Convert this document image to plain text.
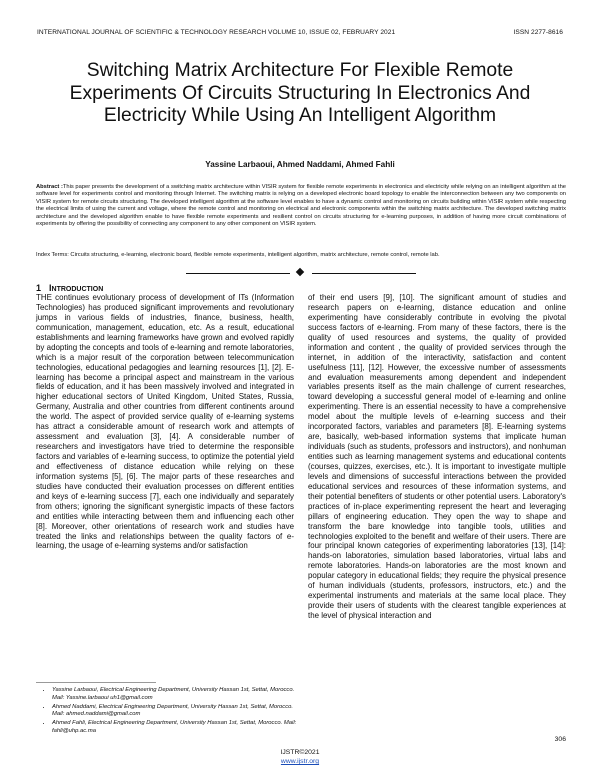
INTERNATIONAL JOURNAL OF SCIENTIFIC & TECHNOLOGY RESEARCH VOLUME 10, ISSUE 02, FEBRUARY 2021	ISSN 2277-8616
Switching Matrix Architecture For Flexible Remote Experiments Of Circuits Structuring In Electronics And Electricity While Using An Intelligent Algorithm
Yassine Larbaoui, Ahmed Naddami, Ahmed Fahli
Abstract :This paper presents the development of a switching matrix architecture within VISIR system for flexible remote experiments in electronics and electricity while relying on an intelligent algorithm at the software level for experiments control and monitoring through Internet. The switching matrix is relying on a developed electronic board topology to enable the interconnection between any two components on VISIR system for remote circuits structuring. The developed intelligent algorithm at the software level enables to have a dynamic control and monitoring on circuits building within VISIR system while respecting the electrical limits of using the current and voltage, where the remote control and monitoring on electrical and electronic components within the switching matrix architecture. The developed switching matrix architecture and the developed algorithm enable to have flexible remote experiments and resilient control on circuits structuring for e-learning purposes, in addition of having more circuit combinations of experiments by offering the possibility of connecting any component to any other component on VISIR system.
Index Terms: Circuits structuring, e-learning, electronic board, flexible remote experiments, intelligent algorithm, matrix architecture, remote control, remote lab.
1 INTRODUCTION
THE continues evolutionary process of development of ITs (Information Technologies) has produced significant improvements and revolutionary jumps in various fields of industries, finance, business, health, communication, management, education, etc. As a result, educational establishments and learning frameworks have grown and evolved rapidly by adopting the concepts and tools of e-learning and remote laboratories, which is a major result of the corporation between telecommunication technologies, educational pedagogies and learning resources [1], [2]. E-learning has become a principal aspect and mainstream in the various fields of education, and it has been massively involved and integrated in higher educational sectors of United Kingdom, United States, Russia, Germany, Australia and other countries from different continents around the world. The aspect of provided service quality of e-learning systems has attract a considerable amount of research work and attempts of assessment and evaluation [3], [4]. A considerable number of researchers and investigators have tried to determine the responsible factors and variables of e-learning success, to optimize the potential yield and effectiveness of distance education while relying on these information systems [5], [6]. The major parts of these researches and studies have conducted their evaluation processes on different entities and keys of e-learning success [7], each one individually and separately from others; ignoring the significant synergistic impacts of these factors and entities while interacting between them and influencing each other [8]. Moreover, other orientations of research work and studies have treated the links and relationships between the quality factors of e-learning, the usage of e-learning systems and/or satisfaction
of their end users [9], [10]. The significant amount of studies and research papers on e-learning, distance education and online experimenting have considerably contribute in evolving the pivotal success factors of e-learning. From many of these factors, there is the quality of used resources and systems, the quality of provided information and content , the quality of provided services through the internet, in addition of the interactivity, satisfaction and content usefulness [11], [12]. However, the excessive number of assessments and evaluation measurements among dependent and independent variables presents itself as the main challenge of current researches, toward developing a successful general model of e-learning and online experimenting. There is an essential necessity to have a comprehensive model about the multiple levels of e-learning success and their incorporated factors, variables and parameters [8]. E-learning systems are, basically, web-based information systems that implicate human individuals (such as students, professors and instructors), and nonhuman entities such as learning management systems and educational contents (courses, quizzes, exercises, etc.). It is important to investigate multiple levels and dimensions of successful interactions between the provided educational services and resources of these information systems, and their potential benefiters of students or other potential users. Laboratory's practices of in-place experimenting represent the heart and leveraging pillars of engineering education. They open the way to shape and transform the bare knowledge into tangible tools, utilities and technologies exploited to the benefit and welfare of their users. There are four principal known categories of experimenting laboratories [13], [14]: hands-on laboratories, simulation based laboratories, virtual labs and remote laboratories. Hands-on laboratories are the most known and popular category in educational fields; they require the physical presence of human individuals (students, professors, instructors, etc.) and the experimental instruments and materials at the same local place. They provide their users of students with the clearest tangible experiences at the level of physical interaction and
• Yassine Larbaoui, Electrical Engineering Department, University Hassan 1st, Settat, Morocco. Mail: Yassine.larbaoui uh1@gmail.com
• Ahmed Naddami, Electrical Engineering Department, University Hassan 1st, Settat, Morocco. Mail: ahmed.naddami@gmail.com
• Ahmed Fahli, Electrical Engineering Department, University Hassan 1st, Settat, Morocco. Mail: fahli@uhp.ac.ma
306
IJSTR©2021
www.ijstr.org
